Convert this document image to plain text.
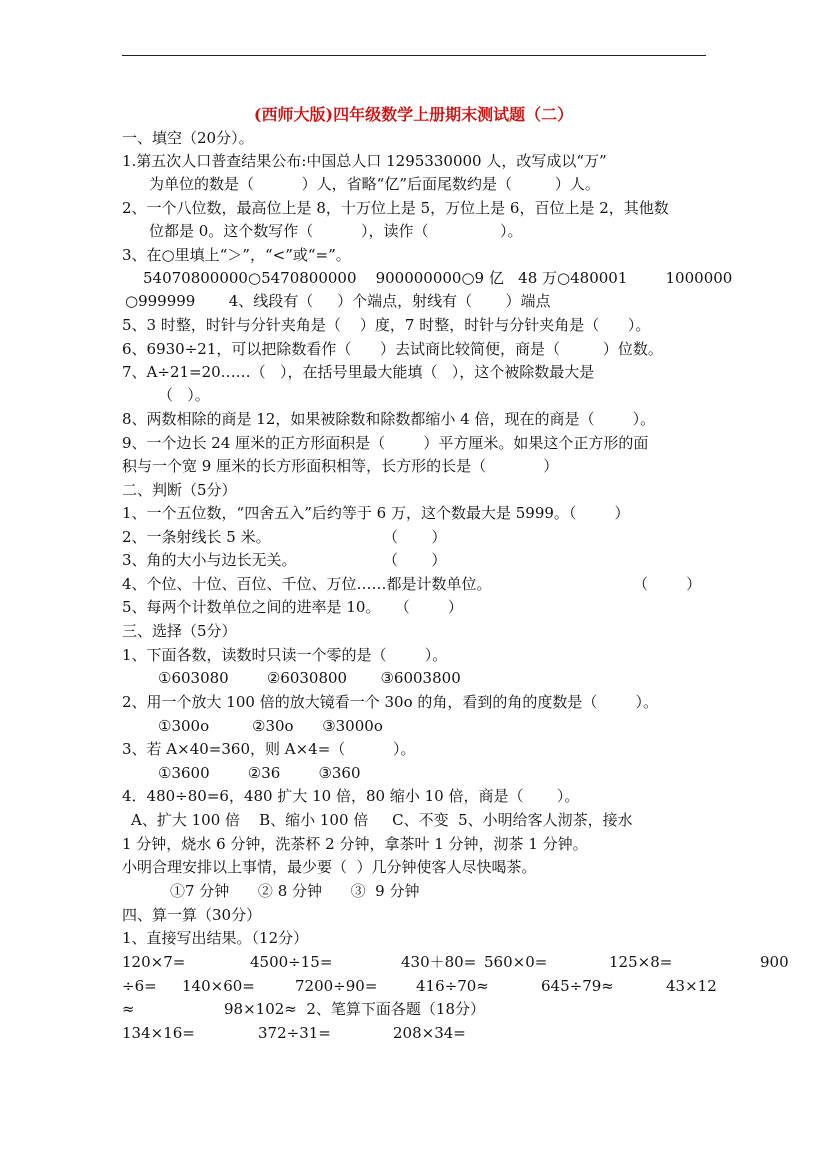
(西师大版)四年级数学上册期末测试题（二）
一、填空（20分）。
1.第五次人口普查结果公布:中国总人口 1295330000 人，改写成以“万”
为单位的数是（          ）人，省略“亿”后面尾数约是（         ）人。
2、一个八位数，最高位上是 8，十万位上是 5，万位上是 6，百位上是 2，其他数
位都是 0。这个数写作（          ），读作（               ）。
3、在○里填上“＞”，“<”或“=”。
54070800000○5470800000    900000000○9 亿   48 万○480001        1000000
○999999       4、线段有（     ）个端点，射线有（       ）端点
5、3 时整，时针与分针夹角是（    ）度，7 时整，时针与分针夹角是（      ）。
6、6930÷21，可以把除数看作（      ）去试商比较简便，商是（         ）位数。
7、A÷21=20……（   ），在括号里最大能填（   ），这个被除数最大是
（   ）。
8、两数相除的商是 12，如果被除数和除数都缩小 4 倍，现在的商是（        ）。
9、一个边长 24 厘米的正方形面积是（        ）平方厘米。如果这个正方形的面
积与一个宽 9 厘米的长方形面积相等，长方形的长是（            ）
二、判断（5分）
1、一个五位数，“四舍五入”后约等于 6 万，这个数最大是 5999。（        ）
2、一条射线长 5 米。	（       ）
3、角的大小与边长无关。	（       ）
4、个位、十位、百位、千位、万位……都是计数单位。	（        ）
5、每两个计数单位之间的进率是 10。   （        ）
三、选择（5分）
1、下面各数，读数时只读一个零的是（        ）。
①603080        ②6030800       ③6003800
2、用一个放大 100 倍的放大镜看一个 30o 的角，看到的角的度数是（        ）。
①300o         ②30o      ③3000o
3、若 A×40=360，则 A×4=（          ）。
①3600        ②36        ③360
4．480÷80=6，480 扩大 10 倍，80 缩小 10 倍，商是（       ）。
A、扩大 100 倍    B、缩小 100 倍     C、不变  5、小明给客人沏茶，接水
1 分钟，烧水 6 分钟，洗茶杯 2 分钟，拿茶叶 1 分钟，沏茶 1 分钟。
小明合理安排以上事情，最少要（  ）几分钟使客人尽快喝茶。
①7 分钟      ② 8 分钟      ③  9 分钟
四、算一算（30分）
1、直接写出结果。（12分）
120×7=	4500÷15=	430＋80= 560×0=	125×8=	900
÷6= 140×60=	7200÷90=	416÷70≈	645÷79≈	43×12
≈	98×102≈  2、笔算下面各题（18分）
134×16=	372÷31=	208×34=
